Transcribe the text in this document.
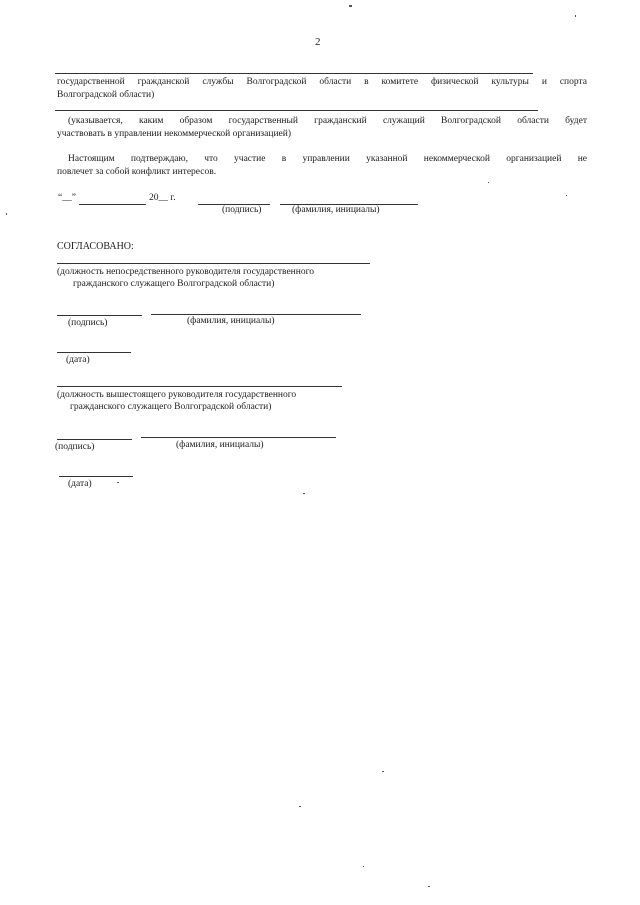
2
государственной гражданской службы Волгоградской области в комитете физической культуры и спорта
Волгоградской области)
(указывается, каким образом государственный гражданский служащий Волгоградской области будет
участвовать в управлении некоммерческой организацией)
Настоящим подтверждаю, что участие в управлении указанной некоммерческой организацией не
повлечет за собой конфликт интересов.
“__”	20__ г.
(подпись)	(фамилия, инициалы)
СОГЛАСОВАНО:
(должность непосредственного руководителя государственного
гражданского служащего Волгоградской области)
(подпись)	(фамилия, инициалы)
(дата)
(должность вышестоящего руководителя государственного
гражданского служащего Волгоградской области)
(подпись)	(фамилия, инициалы)
(дата)
